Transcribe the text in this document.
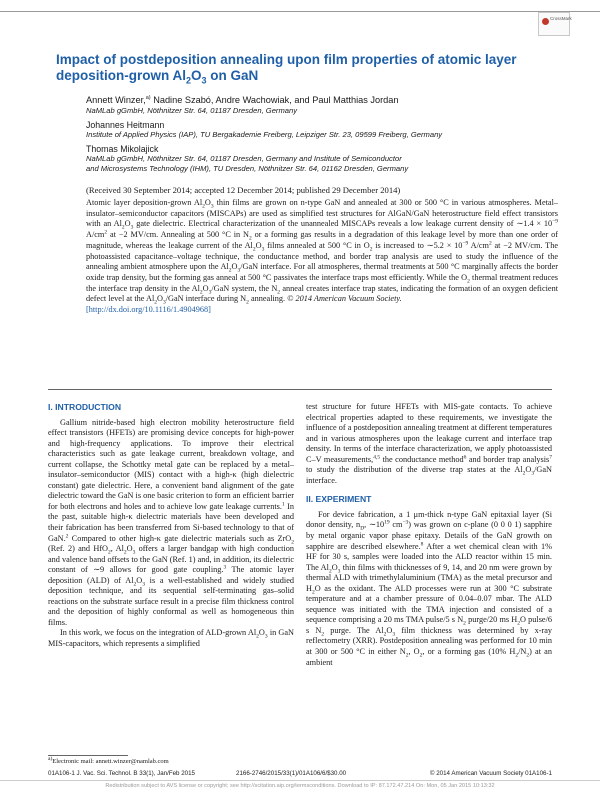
CrossMark
Impact of postdeposition annealing upon film properties of atomic layer deposition-grown $Al_2O_3$ on GaN
Annett Winzer,$^{a)}$ Nadine Szabó, Andre Wachowiak, and Paul Matthias Jordan
NaMLab gGmbH, Nöthnitzer Str. 64, 01187 Dresden, Germany
Johannes Heitmann
Institute of Applied Physics (IAP), TU Bergakademie Freiberg, Leipziger Str. 23, 09599 Freiberg, Germany
Thomas Mikolajick
NaMLab gGmbH, Nöthnitzer Str. 64, 01187 Dresden, Germany and Institute of Semiconductor
and Microsystems Technology (IHM), TU Dresden, Nöthnitzer Str. 64, 01162 Dresden, Germany
(Received 30 September 2014; accepted 12 December 2014; published 29 December 2014)
Atomic layer deposition-grown $Al_2O_3$ thin films are grown on n-type GaN and annealed at 300 or 500 °C in various atmospheres. Metal–insulator–semiconductor capacitors (MISCAPs) are used as simplified test structures for AlGaN/GaN heterostructure field effect transistors with an $Al_2O_3$ gate dielectric. Electrical characterization of the unannealed MISCAPs reveals a low leakage current density of ∼1.4 × $10^{-9}$ $A/cm^2$ at −2 MV/cm. Annealing at 500 °C in $N_2$ or a forming gas results in a degradation of this leakage level by more than one order of magnitude, whereas the leakage current of the $Al_2O_3$ films annealed at 500 °C in $O_2$ is increased to ∼5.2 × $10^{-9}$ $A/cm^2$ at −2 MV/cm. The photoassisted capacitance–voltage technique, the conductance method, and border trap analysis are used to study the influence of the annealing ambient atmosphere upon the $Al_2O_3$/GaN interface. For all atmospheres, thermal treatments at 500 °C marginally affects the border oxide trap density, but the forming gas anneal at 500 °C passivates the interface traps most efficiently. While the $O_2$ thermal treatment reduces the interface trap density in the $Al_2O_3$/GaN system, the $N_2$ anneal creates interface trap states, indicating the formation of an oxygen deficient defect level at the $Al_2O_3$/GaN interface during $N_2$ annealing. © 2014 American Vacuum Society.
[http://dx.doi.org/10.1116/1.4904968]
I. INTRODUCTION

Gallium nitride-based high electron mobility heterostructure field effect transistors (HFETs) are promising device concepts for high-power and high-frequency applications. To improve their electrical characteristics such as gate leakage current, breakdown voltage, and current collapse, the Schottky metal gate can be replaced by a metal–insulator–semiconductor (MIS) contact with a high-κ (high dielectric constant) gate dielectric. Here, a convenient band alignment of the gate dielectric toward the GaN is one basic criterion to form an efficient barrier for both electrons and holes and to achieve low gate leakage currents.$^1$ In the past, suitable high-κ dielectric materials have been developed and their fabrication has been transferred from Si-based technology to that of GaN.$^2$ Compared to other high-κ gate dielectric materials such as ZrO$_2$ (Ref. 2) and HfO$_2$, $Al_2O_3$ offers a larger bandgap with high conduction and valence band offsets to the GaN (Ref. 1) and, in addition, its dielectric constant of ∼9 allows for good gate coupling.$^3$ The atomic layer deposition (ALD) of $Al_2O_3$ is a well-established and widely studied deposition technique, and its sequential self-terminating gas–solid reactions on the substrate surface result in a precise film thickness control and the deposition of highly conformal as well as homogeneous thin films.

In this work, we focus on the integration of ALD-grown $Al_2O_3$ in GaN MIS-capacitors, which represents a simplified

test structure for future HFETs with MIS-gate contacts. To achieve electrical properties adapted to these requirements, we investigate the influence of a postdeposition annealing treatment at different temperatures and in various atmospheres upon the leakage current and interface trap density. In terms of the interface characterization, we apply photoassisted C–V measurements,$^{4,5}$ the conductance method$^6$ and border trap analysis$^7$ to study the distribution of the diverse trap states at the $Al_2O_3$/GaN interface.

II. EXPERIMENT

For device fabrication, a 1 μm-thick n-type GaN epitaxial layer (Si donor density, $n_D$, $\sim 10^{19}$ $cm^{-3}$) was grown on c-plane (0 0 0 1) sapphire by metal organic vapor phase epitaxy. Details of the GaN growth on sapphire are described elsewhere.$^8$ After a wet chemical clean with 1% HF for 30 s, samples were loaded into the ALD reactor within 15 min. The $Al_2O_3$ thin films with thicknesses of 9, 14, and 20 nm were grown by thermal ALD with trimethylaluminium (TMA) as the metal precursor and $H_2O$ as the oxidant. The ALD processes were run at 300 °C substrate temperature and at a chamber pressure of 0.04–0.07 mbar. The ALD sequence was initiated with the TMA injection and consisted of a sequence comprising a 20 ms TMA pulse/5 s $N_2$ purge/20 ms $H_2O$ pulse/6 s $N_2$ purge. The $Al_2O_3$ film thickness was determined by x-ray reflectometry (XRR). Postdeposition annealing was performed for 10 min at 300 or 500 °C in either $N_2$, $O_2$, or a forming gas (10% $H_2/N_2$) at an ambient

$^{a)}$Electronic mail: annett.winzer@namlab.com
01A106-1 J. Vac. Sci. Technol. B 33(1), Jan/Feb 2015	2166-2746/2015/33(1)/01A106/6/$30.00	© 2014 American Vacuum Society 01A106-1
Redistribution subject to AVS license or copyright; see http://scitation.aip.org/termsconditions. Download to IP: 87.172.47.214 On: Mon, 05 Jan 2015 10:13:32
